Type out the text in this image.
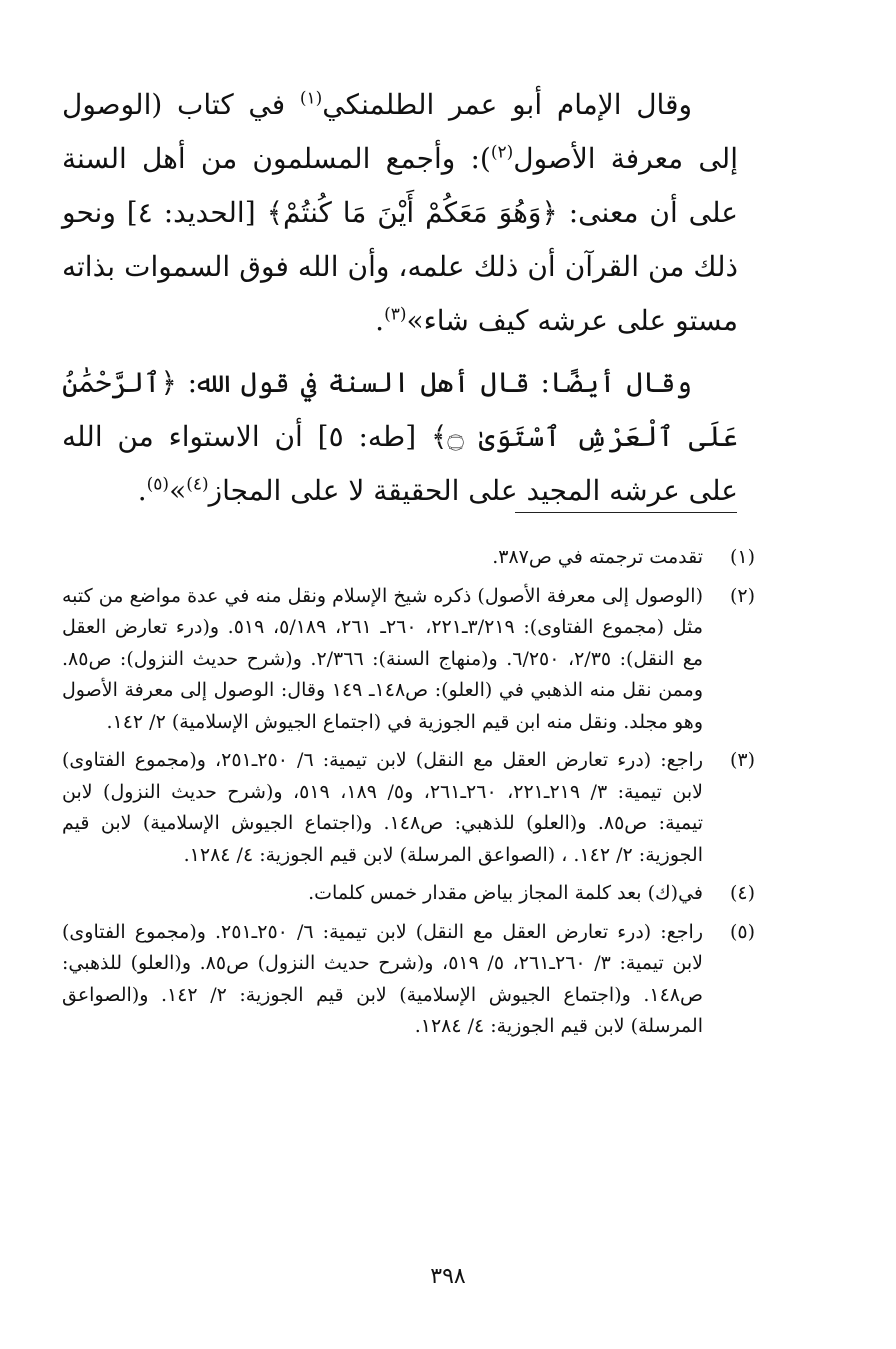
وقال الإمام أبو عمر الطلمنكي$^{(١)}$ في كتاب (الوصول إلى معرفة الأصول$^{(٢)}$): وأجمع المسلمون من أهل السنة على أن معنى: ﴿وَهُوَ مَعَكُمْ أَيْنَ مَا كُنتُمْ﴾ [الحديد: ٤] ونحو ذلك من القرآن أن ذلك علمه، وأن الله فوق السموات بذاته مستو على عرشه كيف شاء»$^{(٣)}$.

وقال أيضًا: قال أهل السنة في قول الله: ﴿ٱلرَّحْمَٰنُ عَلَى ٱلْعَرْشِ ٱسْتَوَىٰ ۝﴾ [طه: ٥] أن الاستواء من الله على عرشه المجيد على الحقيقة لا على المجاز$^{(٤)}$»$^{(٥)}$.

(١)
تقدمت ترجمته في ص٣٨٧.
(٢)
(الوصول إلى معرفة الأصول) ذكره شيخ الإسلام ونقل منه في عدة مواضع من كتبه مثل (مجموع الفتاوى): ٣/٢١٩ـ٢٢١، ٢٦٠ـ ٢٦١، ٥/١٨٩، ٥١٩. و(درء تعارض العقل مع النقل): ٢/٣٥، ٦/٢٥٠. و(منهاج السنة): ٢/٣٦٦. و(شرح حديث النزول): ص٨٥. وممن نقل منه الذهبي في (العلو): ص١٤٨ـ ١٤٩ وقال: الوصول إلى معرفة الأصول وهو مجلد. ونقل منه ابن قيم الجوزية في (اجتماع الجيوش الإسلامية) ٢/ ١٤٢.
(٣)
راجع: (درء تعارض العقل مع النقل) لابن تيمية: ٦/ ٢٥٠ـ٢٥١، و(مجموع الفتاوى) لابن تيمية: ٣/ ٢١٩ـ٢٢١، ٢٦٠ـ٢٦١، و٥/ ١٨٩، ٥١٩، و(شرح حديث النزول) لابن تيمية: ص٨٥. و(العلو) للذهبي: ص١٤٨. و(اجتماع الجيوش الإسلامية) لابن قيم الجوزية: ٢/ ١٤٢. ، (الصواعق المرسلة) لابن قيم الجوزية: ٤/ ١٢٨٤.
(٤)
في(ك) بعد كلمة المجاز بياض مقدار خمس كلمات.
(٥)
راجع: (درء تعارض العقل مع النقل) لابن تيمية: ٦/ ٢٥٠ـ٢٥١. و(مجموع الفتاوى) لابن تيمية: ٣/ ٢٦٠ـ٢٦١، ٥/ ٥١٩، و(شرح حديث النزول) ص٨٥. و(العلو) للذهبي: ص١٤٨. و(اجتماع الجيوش الإسلامية) لابن قيم الجوزية: ٢/ ١٤٢. و(الصواعق المرسلة) لابن قيم الجوزية: ٤/ ١٢٨٤.
٣٩٨
